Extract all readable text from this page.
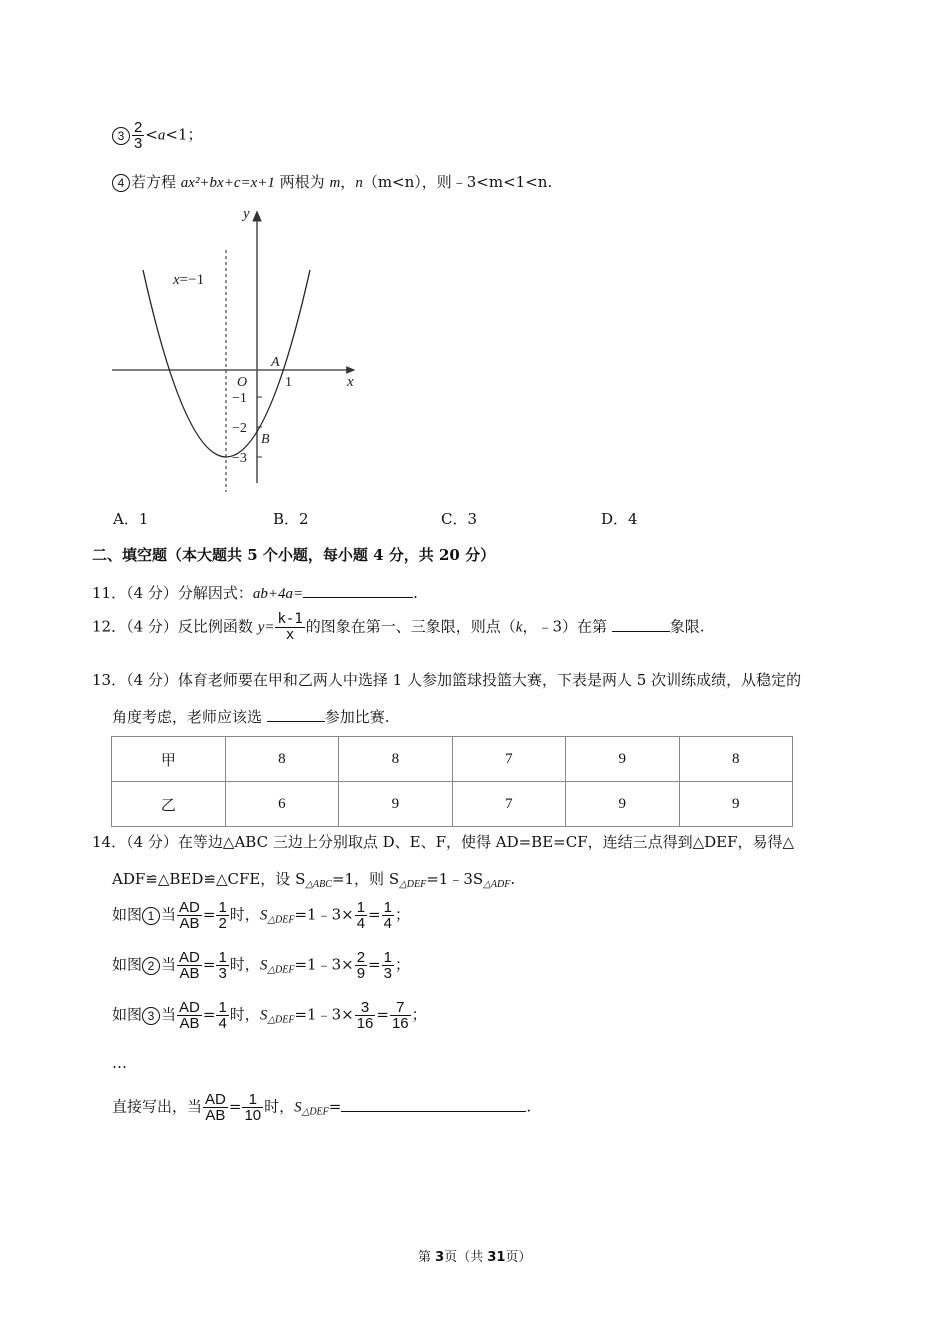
$3 \frac{2}{3} <a<1$；
4 若方程 ax²+bx+c=x+1 两根为 m，n（m<n），则﹣3<m<1<n.
y
x
O
A
B
1
−1
−2
−3
x=−1
A．1	B．2	C．3	D．4
二、填空题（本大题共 5 个小题，每小题 4 分，共 20 分）
11．（4 分）分解因式：ab+4a=	.
12．（4 分）反比例函数 $y= \frac{k-1}{x}$ 的图象在第一、三象限，则点（k，﹣3）在第	象限.
13．（4 分）体育老师要在甲和乙两人中选择 1 人参加篮球投篮大赛，下表是两人 5 次训练成绩，从稳定的
角度考虑，老师应该选	参加比赛.
甲	8	8	7	9	8
乙	6	9	7	9	9
14．（4 分）在等边△ABC 三边上分别取点 D、E、F，使得 AD=BE=CF，连结三点得到△DEF，易得△
ADF≌△BED≌△CFE，设 $S_{\triangle ABC}=1$，则 $S_{\triangle DEF}=1﹣3S_{\triangle ADF}$.
如图 1 当 $\frac{AD}{AB} = \frac{1}{2}$ 时，$S_{\triangle DEF}=1﹣3\times \frac{1}{4} = \frac{1}{4}$ ；
如图 2 当 $\frac{AD}{AB} = \frac{1}{3}$ 时，$S_{\triangle DEF}=1﹣3\times \frac{2}{9} = \frac{1}{3}$ ；
如图 3 当 $\frac{AD}{AB} = \frac{1}{4}$ 时，$S_{\triangle DEF}=1﹣3\times \frac{3}{16} = \frac{7}{16}$ ；
…
直接写出，当 $\frac{AD}{AB} = \frac{1}{10}$ 时，$S_{\triangle DEF}=$	.
第 3页（共 31页）
